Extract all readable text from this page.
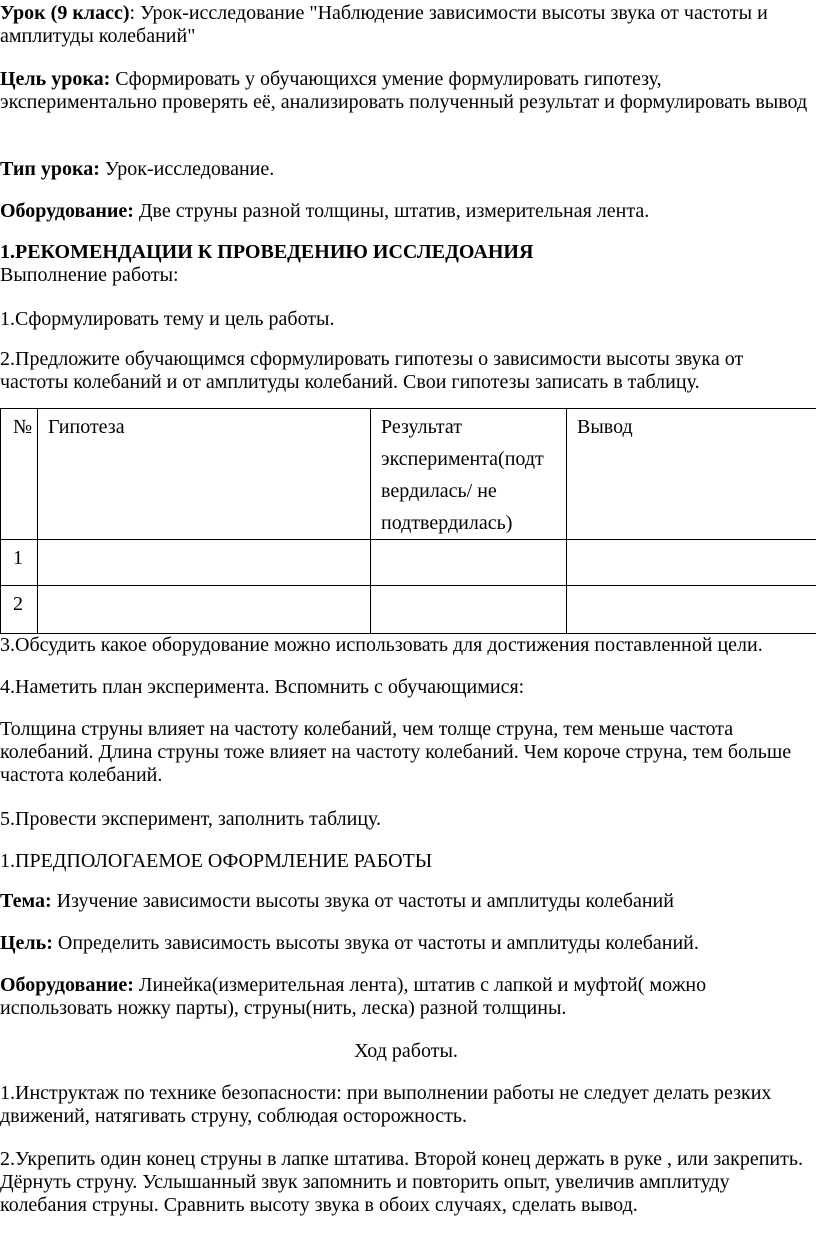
Урок (9 класс): Урок-исследование "Наблюдение зависимости высоты звука от частоты и амплитуды колебаний"

Цель урока: Сформировать у обучающихся умение формулировать гипотезу, экспериментально проверять её, анализировать полученный результат и формулировать вывод

Тип урока: Урок-исследование.

Оборудование: Две струны разной толщины, штатив, измерительная лента.

1.РЕКОМЕНДАЦИИ К ПРОВЕДЕНИЮ ИССЛЕДОАНИЯ

Выполнение работы:

1.Сформулировать тему и цель работы.

2.Предложите обучающимся сформулировать гипотезы о зависимости высоты звука от частоты колебаний и от амплитуды колебаний. Свои гипотезы записать в таблицу.

№	Гипотеза	Результат
эксперимента(подт
вердилась/ не
подтвердилась)	Вывод
1			
2			

3.Обсудить какое оборудование можно использовать для достижения поставленной цели.

4.Наметить план эксперимента. Вспомнить с обучающимися:

Толщина струны влияет на частоту колебаний, чем толще струна, тем меньше частота колебаний. Длина струны тоже влияет на частоту колебаний. Чем короче струна, тем больше частота колебаний.

5.Провести эксперимент, заполнить таблицу.

1.ПРЕДПОЛОГАЕМОЕ ОФОРМЛЕНИЕ РАБОТЫ

Тема: Изучение зависимости высоты звука от частоты и амплитуды колебаний

Цель: Определить зависимость высоты звука от частоты и амплитуды колебаний.

Оборудование: Линейка(измерительная лента), штатив с лапкой и муфтой( можно использовать ножку парты), струны(нить, леска) разной толщины.

Ход работы.

1.Инструктаж по технике безопасности: при выполнении работы не следует делать резких движений, натягивать струну, соблюдая осторожность.

2.Укрепить один конец струны в лапке штатива. Второй конец держать в руке , или закрепить. Дёрнуть струну. Услышанный звук запомнить и повторить опыт, увеличив амплитуду колебания струны. Сравнить высоту звука в обоих случаях, сделать вывод.
